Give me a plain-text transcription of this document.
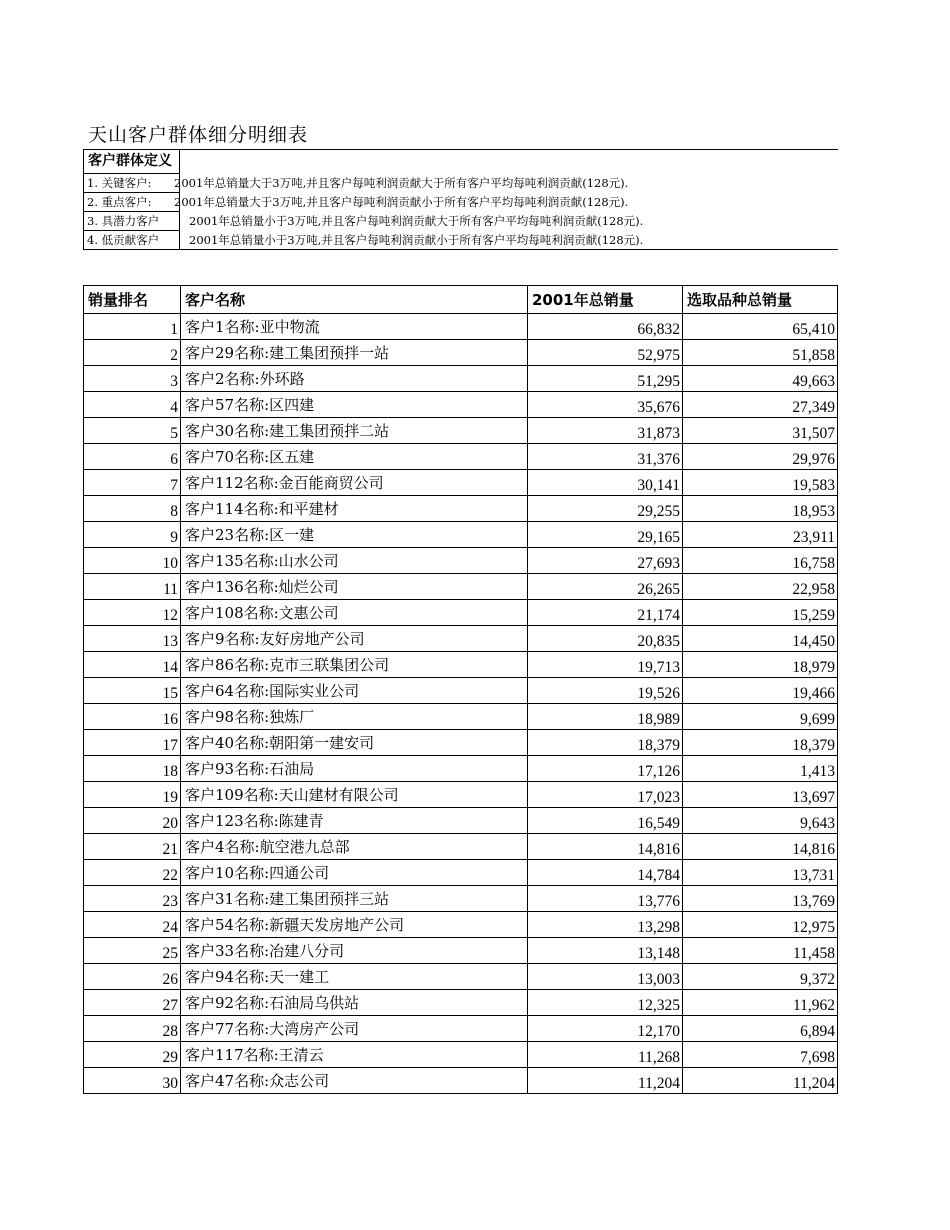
天山客户群体细分明细表
客户群体定义
1. 关键客户:	2001年总销量大于3万吨,并且客户每吨利润贡献大于所有客户平均每吨利润贡献(128元).
2. 重点客户:	2001年总销量大于3万吨,并且客户每吨利润贡献小于所有客户平均每吨利润贡献(128元).
3. 具潜力客户	2001年总销量小于3万吨,并且客户每吨利润贡献大于所有客户平均每吨利润贡献(128元).
4. 低贡献客户	2001年总销量小于3万吨,并且客户每吨利润贡献小于所有客户平均每吨利润贡献(128元).
销量排名	客户名称	2001年总销量	选取品种总销量
1	客户1名称:亚中物流	66,832	65,410
2	客户29名称:建工集团预拌一站	52,975	51,858
3	客户2名称:外环路	51,295	49,663
4	客户57名称:区四建	35,676	27,349
5	客户30名称:建工集团预拌二站	31,873	31,507
6	客户70名称:区五建	31,376	29,976
7	客户112名称:金百能商贸公司	30,141	19,583
8	客户114名称:和平建材	29,255	18,953
9	客户23名称:区一建	29,165	23,911
10	客户135名称:山水公司	27,693	16,758
11	客户136名称:灿烂公司	26,265	22,958
12	客户108名称:文惠公司	21,174	15,259
13	客户9名称:友好房地产公司	20,835	14,450
14	客户86名称:克市三联集团公司	19,713	18,979
15	客户64名称:国际实业公司	19,526	19,466
16	客户98名称:独炼厂	18,989	9,699
17	客户40名称:朝阳第一建安司	18,379	18,379
18	客户93名称:石油局	17,126	1,413
19	客户109名称:天山建材有限公司	17,023	13,697
20	客户123名称:陈建青	16,549	9,643
21	客户4名称:航空港九总部	14,816	14,816
22	客户10名称:四通公司	14,784	13,731
23	客户31名称:建工集团预拌三站	13,776	13,769
24	客户54名称:新疆天发房地产公司	13,298	12,975
25	客户33名称:冶建八分司	13,148	11,458
26	客户94名称:天一建工	13,003	9,372
27	客户92名称:石油局乌供站	12,325	11,962
28	客户77名称:大湾房产公司	12,170	6,894
29	客户117名称:王清云	11,268	7,698
30	客户47名称:众志公司	11,204	11,204
